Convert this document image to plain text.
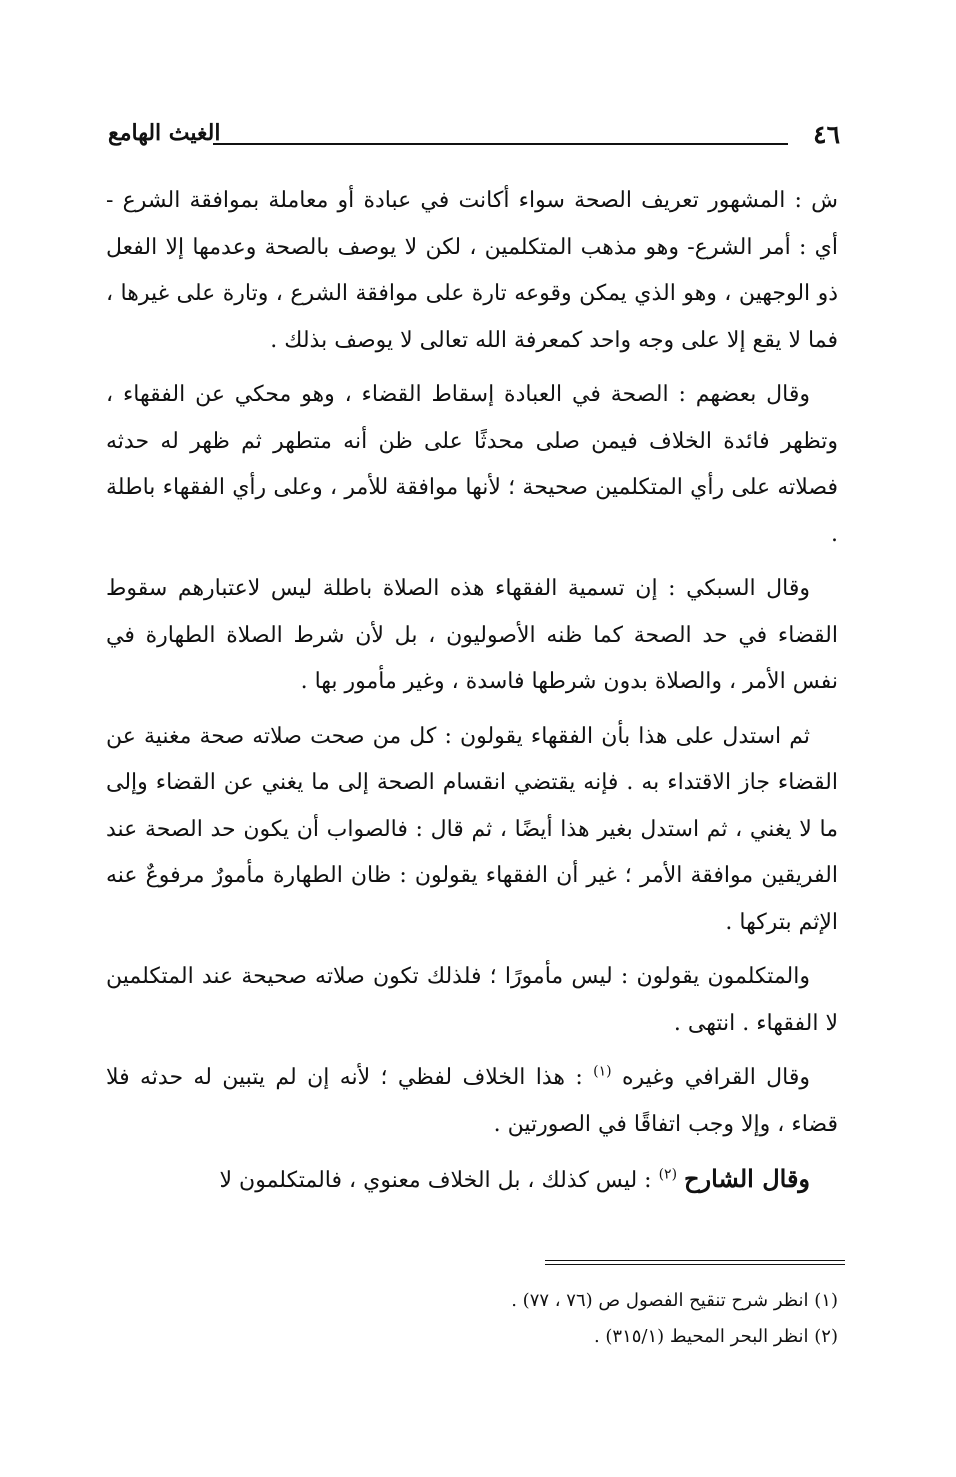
٤٦
الغيث الهامع

ش : المشهور تعريف الصحة سواء أكانت في عبادة أو معاملة بموافقة الشرع - أي : أمر الشرع- وهو مذهب المتكلمين ، لكن لا يوصف بالصحة وعدمها إلا الفعل ذو الوجهين ، وهو الذي يمكن وقوعه تارة على موافقة الشرع ، وتارة على غيرها ، فما لا يقع إلا على وجه واحد كمعرفة الله تعالى لا يوصف بذلك .

وقال بعضهم : الصحة في العبادة إسقاط القضاء ، وهو محكي عن الفقهاء ، وتظهر فائدة الخلاف فيمن صلى محدثًا على ظن أنه متطهر ثم ظهر له حدثه فصلاته على رأي المتكلمين صحيحة ؛ لأنها موافقة للأمر ، وعلى رأي الفقهاء باطلة .

وقال السبكي : إن تسمية الفقهاء هذه الصلاة باطلة ليس لاعتبارهم سقوط القضاء في حد الصحة كما ظنه الأصوليون ، بل لأن شرط الصلاة الطهارة في نفس الأمر ، والصلاة بدون شرطها فاسدة ، وغير مأمور بها .

ثم استدل على هذا بأن الفقهاء يقولون : كل من صحت صلاته صحة مغنية عن القضاء جاز الاقتداء به . فإنه يقتضي انقسام الصحة إلى ما يغني عن القضاء وإلى ما لا يغني ، ثم استدل بغير هذا أيضًا ، ثم قال : فالصواب أن يكون حد الصحة عند الفريقين موافقة الأمر ؛ غير أن الفقهاء يقولون : ظان الطهارة مأمورٌ مرفوعٌ عنه الإثم بتركها .

والمتكلمون يقولون : ليس مأمورًا ؛ فلذلك تكون صلاته صحيحة عند المتكلمين لا الفقهاء . انتهى .

وقال القرافي وغيره $^{(١)}$ : هذا الخلاف لفظي ؛ لأنه إن لم يتبين له حدثه فلا قضاء ، وإلا وجب اتفاقًا في الصورتين .

وقال الشارح $^{(٢)}$ : ليس كذلك ، بل الخلاف معنوي ، فالمتكلمون لا

(١) انظر شرح تنقيح الفصول ص (٧٦ ، ٧٧) .

(٢) انظر البحر المحيط (٣١٥/١) .
